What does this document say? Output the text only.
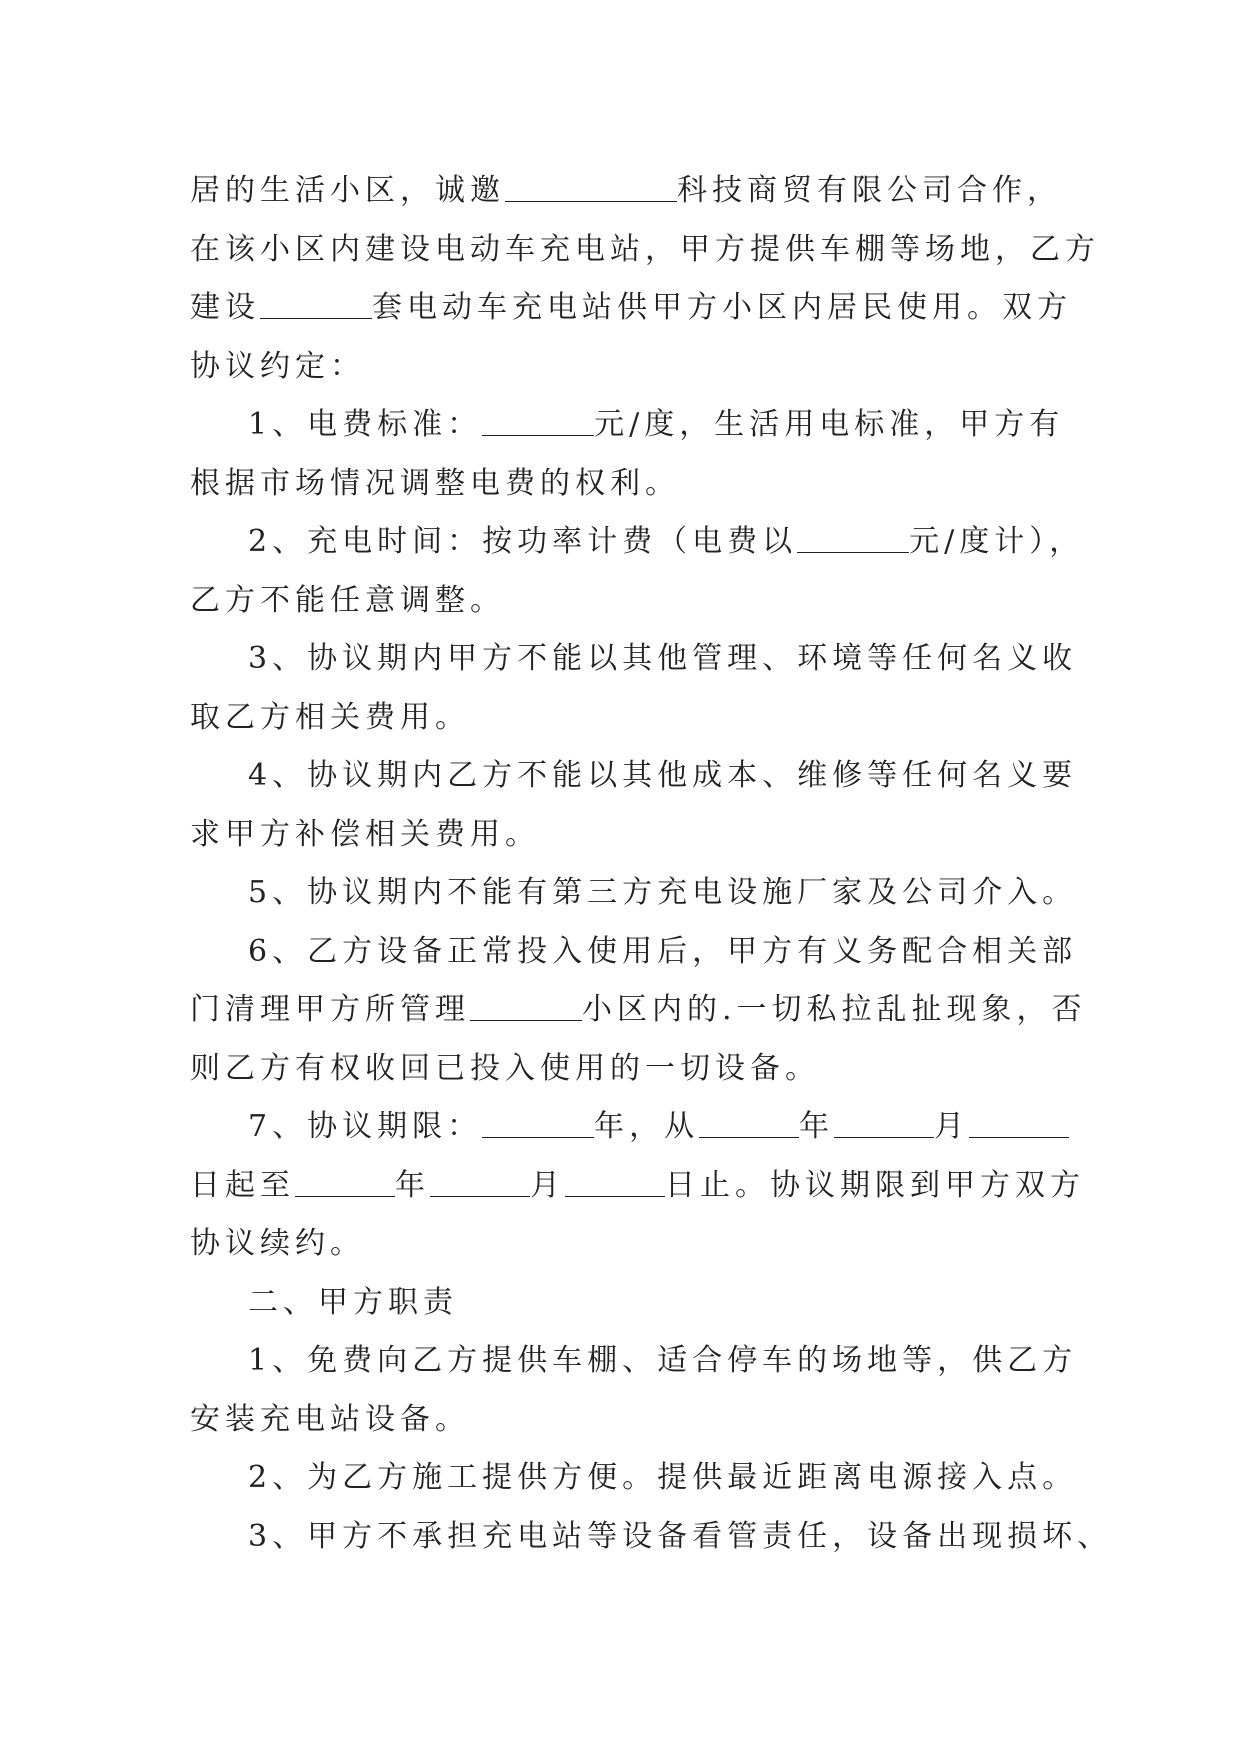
居的生活小区，诚邀	科技商贸有限公司合作，
在该小区内建设电动车充电站，甲方提供车棚等场地，乙方
建设	套电动车充电站供甲方小区内居民使用。双方
协议约定：
1、电费标准：	元/度，生活用电标准，甲方有
根据市场情况调整电费的权利。
2、充电时间：按功率计费（电费以	元/度计），
乙方不能任意调整。
3、协议期内甲方不能以其他管理、环境等任何名义收
取乙方相关费用。
4、协议期内乙方不能以其他成本、维修等任何名义要
求甲方补偿相关费用。
5、协议期内不能有第三方充电设施厂家及公司介入。
6、乙方设备正常投入使用后，甲方有义务配合相关部
门清理甲方所管理	小区内的.一切私拉乱扯现象，否
则乙方有权收回已投入使用的一切设备。
7、协议期限：	年，从	年	月
日起至	年	月	日止。协议期限到甲方双方
协议续约。
二、甲方职责
1、免费向乙方提供车棚、适合停车的场地等，供乙方
安装充电站设备。
2、为乙方施工提供方便。提供最近距离电源接入点。
3、甲方不承担充电站等设备看管责任，设备出现损坏、
